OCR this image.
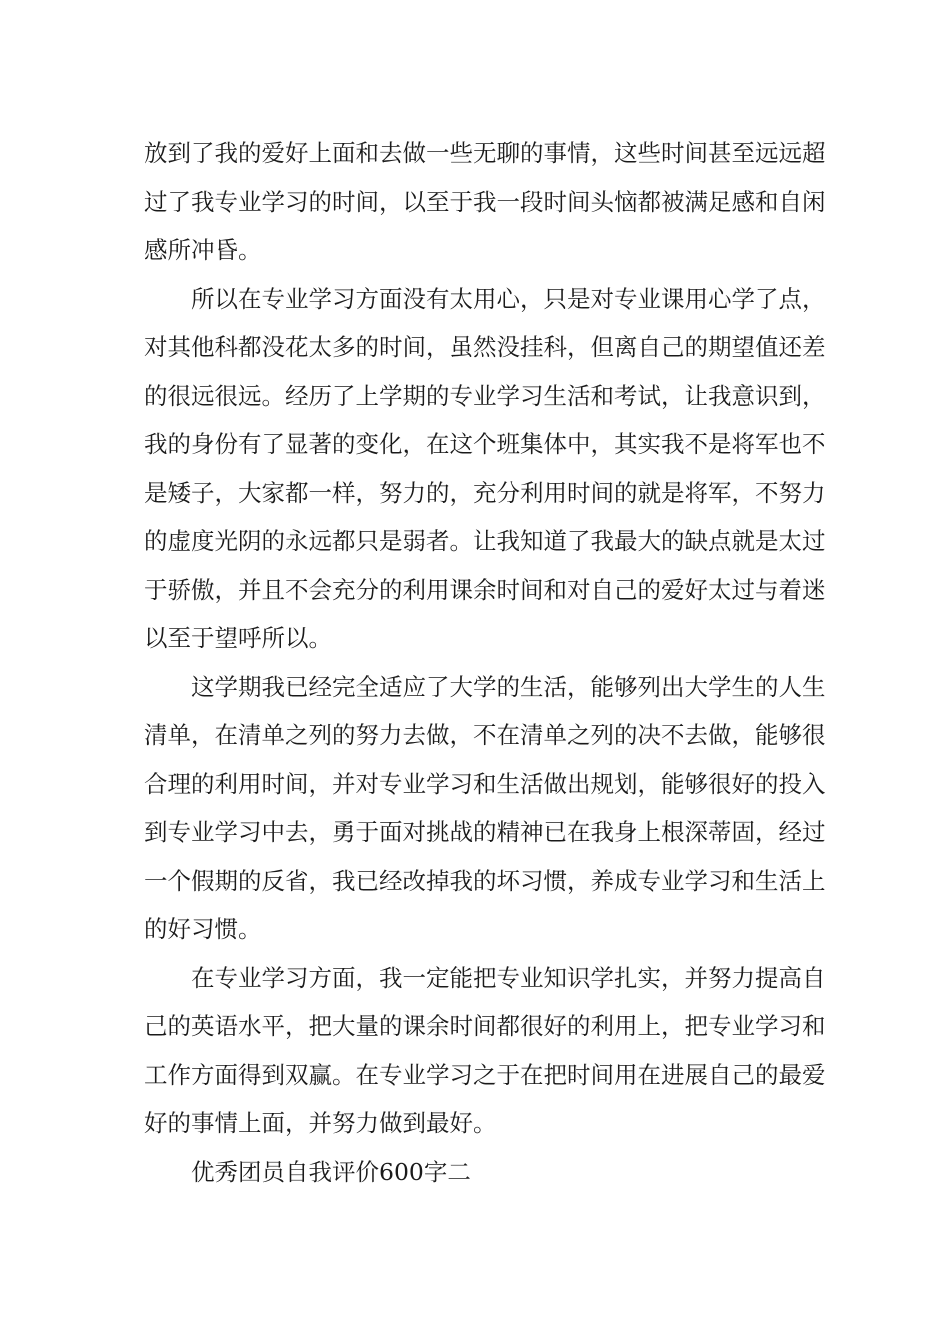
放到了我的爱好上面和去做一些无聊的事情，这些时间甚至远远超
过了我专业学习的时间，以至于我一段时间头恼都被满足感和自闲
感所冲昏。
所以在专业学习方面没有太用心，只是对专业课用心学了点，
对其他科都没花太多的时间，虽然没挂科，但离自己的期望值还差
的很远很远。经历了上学期的专业学习生活和考试，让我意识到，
我的身份有了显著的变化，在这个班集体中，其实我不是将军也不
是矮子，大家都一样，努力的，充分利用时间的就是将军，不努力
的虚度光阴的永远都只是弱者。让我知道了我最大的缺点就是太过
于骄傲，并且不会充分的利用课余时间和对自己的爱好太过与着迷
以至于望呼所以。
这学期我已经完全适应了大学的生活，能够列出大学生的人生
清单，在清单之列的努力去做，不在清单之列的决不去做，能够很
合理的利用时间，并对专业学习和生活做出规划，能够很好的投入
到专业学习中去，勇于面对挑战的精神已在我身上根深蒂固，经过
一个假期的反省，我已经改掉我的坏习惯，养成专业学习和生活上
的好习惯。
在专业学习方面，我一定能把专业知识学扎实，并努力提高自
己的英语水平，把大量的课余时间都很好的利用上，把专业学习和
工作方面得到双赢。在专业学习之于在把时间用在进展自己的最爱
好的事情上面，并努力做到最好。
优秀团员自我评价600字二
